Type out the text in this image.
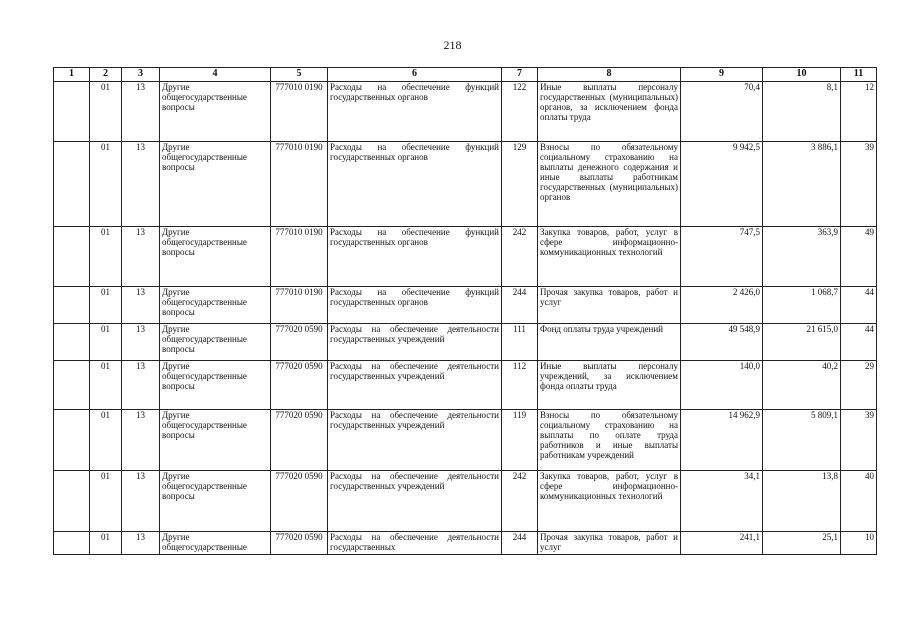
218
1	2	3	4	5	6	7	8	9	10	11
	01	13	Другие общегосударственные вопросы	777010 0190	Расходы на обеспечение функций государственных органов	122	Иные выплаты персоналу государственных (муниципальных) органов, за исключением фонда оплаты труда	70,4	8,1	12
	01	13	Другие общегосударственные вопросы	777010 0190	Расходы на обеспечение функций государственных органов	129	Взносы по обязательному социальному страхованию на выплаты денежного содержания и иные выплаты работникам государственных (муниципальных) органов	9 942,5	3 886,1	39
	01	13	Другие общегосударственные вопросы	777010 0190	Расходы на обеспечение функций государственных органов	242	Закупка товаров, работ, услуг в сфере информационно-коммуникационных технологий	747,5	363,9	49
	01	13	Другие общегосударственные вопросы	777010 0190	Расходы на обеспечение функций государственных органов	244	Прочая закупка товаров, работ и услуг	2 426,0	1 068,7	44
	01	13	Другие общегосударственные вопросы	777020 0590	Расходы на обеспечение деятельности государственных учреждений	111	Фонд оплаты труда учреждений	49 548,9	21 615,0	44
	01	13	Другие общегосударственные вопросы	777020 0590	Расходы на обеспечение деятельности государственных учреждений	112	Иные выплаты персоналу учреждений, за исключением фонда оплаты труда	140,0	40,2	29
	01	13	Другие общегосударственные вопросы	777020 0590	Расходы на обеспечение деятельности государственных учреждений	119	Взносы по обязательному социальному страхованию на выплаты по оплате труда работников и иные выплаты работникам учреждений	14 962,9	5 809,1	39
	01	13	Другие общегосударственные вопросы	777020 0590	Расходы на обеспечение деятельности государственных учреждений	242	Закупка товаров, работ, услуг в сфере информационно-коммуникационных технологий	34,1	13,8	40
	01	13	Другие общегосударственные	777020 0590	Расходы на обеспечение деятельности государственных	244	Прочая закупка товаров, работ и услуг	241,1	25,1	10
